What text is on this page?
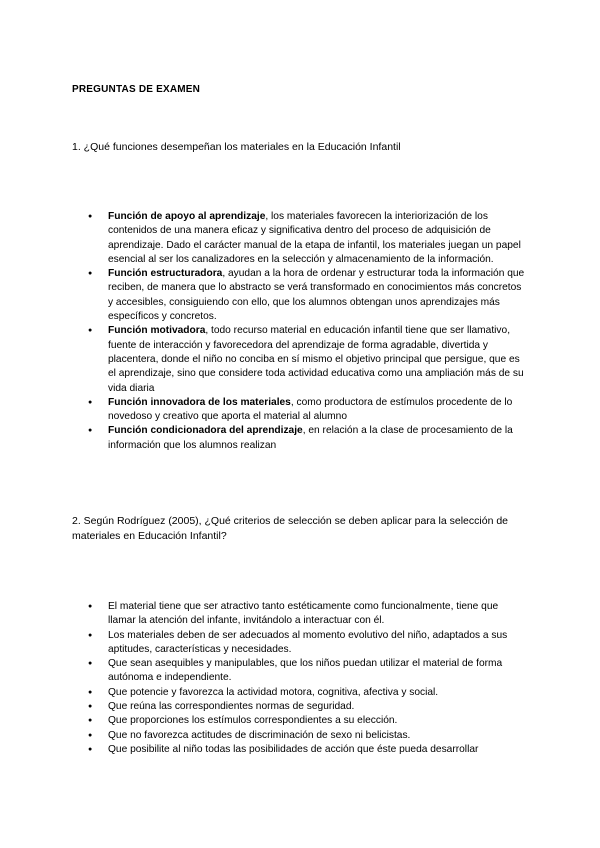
PREGUNTAS DE EXAMEN
1. ¿Qué funciones desempeñan los materiales en la Educación Infantil
● Función de apoyo al aprendizaje, los materiales favorecen la interiorización de los contenidos de una manera eficaz y significativa dentro del proceso de adquisición de aprendizaje. Dado el carácter manual de la etapa de infantil, los materiales juegan un papel esencial al ser los canalizadores en la selección y almacenamiento de la información.
● Función estructuradora, ayudan a la hora de ordenar y estructurar toda la información que reciben, de manera que lo abstracto se verá transformado en conocimientos más concretos y accesibles, consiguiendo con ello, que los alumnos obtengan unos aprendizajes más específicos y concretos.
● Función motivadora, todo recurso material en educación infantil tiene que ser llamativo, fuente de interacción y favorecedora del aprendizaje de forma agradable, divertida y placentera, donde el niño no conciba en sí mismo el objetivo principal que persigue, que es el aprendizaje, sino que considere toda actividad educativa como una ampliación más de su vida diaria
● Función innovadora de los materiales, como productora de estímulos procedente de lo novedoso y creativo que aporta el material al alumno
● Función condicionadora del aprendizaje, en relación a la clase de procesamiento de la información que los alumnos realizan
2. Según Rodríguez (2005), ¿Qué criterios de selección se deben aplicar para la selección de materiales en Educación Infantil?
● El material tiene que ser atractivo tanto estéticamente como funcionalmente, tiene que llamar la atención del infante, invitándolo a interactuar con él.
● Los materiales deben de ser adecuados al momento evolutivo del niño, adaptados a sus aptitudes, características y necesidades.
● Que sean asequibles y manipulables, que los niños puedan utilizar el material de forma autónoma e independiente.
● Que potencie y favorezca la actividad motora, cognitiva, afectiva y social.
● Que reúna las correspondientes normas de seguridad.
● Que proporciones los estímulos correspondientes a su elección.
● Que no favorezca actitudes de discriminación de sexo ni belicistas.
● Que posibilite al niño todas las posibilidades de acción que éste pueda desarrollar
